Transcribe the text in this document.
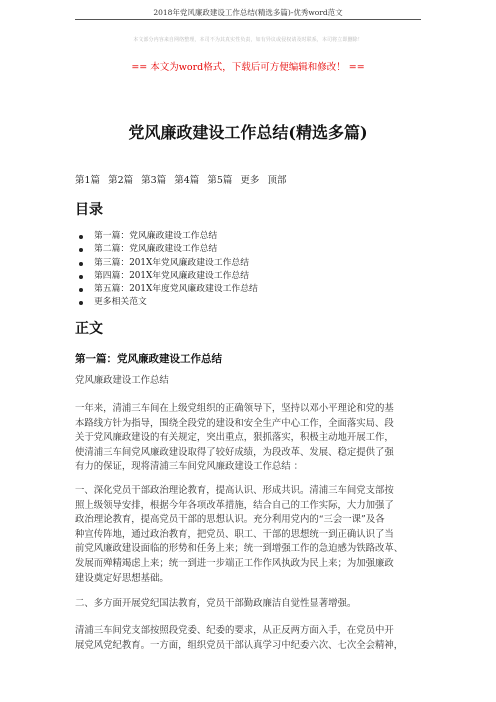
2018年党风廉政建设工作总结(精选多篇)-优秀word范文
本文部分内容来自网络整理，本司不为其真实性负责，如有异议或侵权请及时联系，本司将立即删除！
== 本文为word格式，下载后可方便编辑和修改！ ==
党风廉政建设工作总结(精选多篇)
第1篇 第2篇 第3篇 第4篇 第5篇 更多 顶部
目录
第一篇：党风廉政建设工作总结
第二篇：党风廉政建设工作总结
第三篇：201X年党风廉政建设工作总结
第四篇：201X年党风廉政建设工作总结
第五篇：201X年度党风廉政建设工作总结
更多相关范文
正文
第一篇：党风廉政建设工作总结
党风廉政建设工作总结
一年来，清浦三车间在上级党组织的正确领导下，坚持以邓小平理论和党的基
本路线方针为指导，围绕全段党的建设和安全生产中心工作，全面落实局、段
关于党风廉政建设的有关规定，突出重点，狠抓落实，积极主动地开展工作，
使清浦三车间党风廉政建设取得了较好成绩，为段改革、发展、稳定提供了强
有力的保证，现将清浦三车间党风廉政建设工作总结 ：
一、深化党员干部政治理论教育，提高认识、形成共识。清浦三车间党支部按
照上级领导安排，根据今年各项改革措施，结合自己的工作实际，大力加强了
政治理论教育，提高党员干部的思想认识。充分利用党内的“三会一课”及各
种宣传阵地，通过政治教育，把党员、职工、干部的思想统一到正确认识了当
前党风廉政建设面临的形势和任务上来；统一到增强工作的急迫感为铁路改革、
发展而殚精竭虑上来；统一到进一步端正工作作风执政为民上来；为加强廉政
建设奠定好思想基础。
二、多方面开展党纪国法教育，党员干部勤政廉洁自觉性显著增强。
清浦三车间党支部按照段党委、纪委的要求，从正反两方面入手，在党员中开
展党风党纪教育。一方面，组织党员干部认真学习中纪委六次、七次全会精神，
